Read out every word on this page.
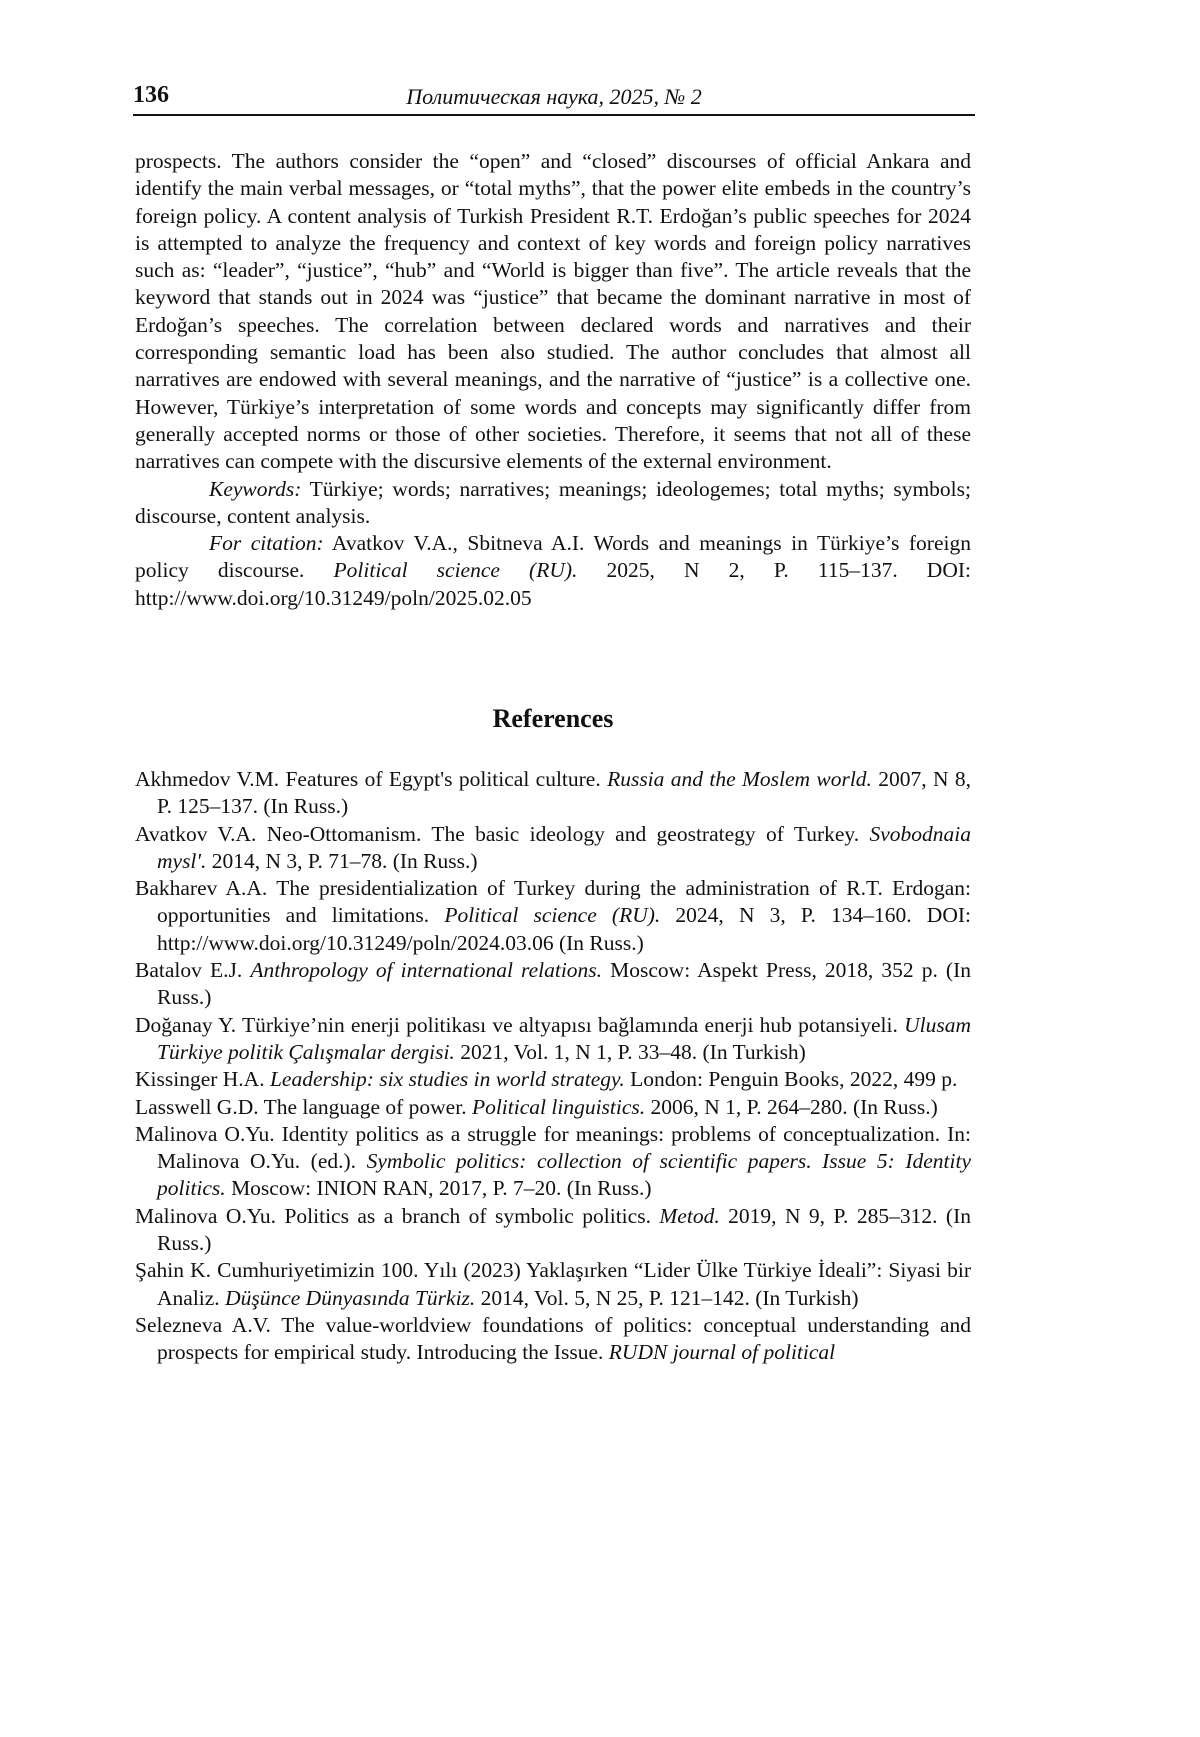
136	Политическая наука, 2025, № 2

prospects. The authors consider the “open” and “closed” discourses of official Ankara and identify the main verbal messages, or “total myths”, that the power elite embeds in the country’s foreign policy. A content analysis of Turkish President R.T. Erdoğan’s public speeches for 2024 is attempted to analyze the frequency and context of key words and foreign policy narratives such as: “leader”, “justice”, “hub” and “World is bigger than five”. The article reveals that the keyword that stands out in 2024 was “justice” that became the dominant narrative in most of Erdoğan’s speeches. The correlation between declared words and narratives and their corresponding semantic load has been also studied. The author concludes that almost all narratives are endowed with several meanings, and the narrative of “justice” is a collective one. However, Türkiye’s interpretation of some words and concepts may significantly differ from generally accepted norms or those of other societies. Therefore, it seems that not all of these narratives can compete with the discursive elements of the external environment.

Keywords: Türkiye; words; narratives; meanings; ideologemes; total myths; symbols; discourse, content analysis.

For citation: Avatkov V.A., Sbitneva A.I. Words and meanings in Türkiye’s foreign policy discourse. Political science (RU). 2025, N 2, P. 115–137. DOI: http://www.doi.org/10.31249/poln/2025.02.05

References

Akhmedov V.M. Features of Egypt's political culture. Russia and the Moslem world. 2007, N 8, P. 125–137. (In Russ.)

Avatkov V.A. Neo-Ottomanism. The basic ideology and geostrategy of Turkey. Svobodnaia mysl'. 2014, N 3, P. 71–78. (In Russ.)

Bakharev A.A. The presidentialization of Turkey during the administration of R.T. Erdogan: opportunities and limitations. Political science (RU). 2024, N 3, P. 134–160. DOI: http://www.doi.org/10.31249/poln/2024.03.06 (In Russ.)

Batalov E.J. Anthropology of international relations. Moscow: Aspekt Press, 2018, 352 p. (In Russ.)

Doğanay Y. Türkiye’nin enerji politikası ve altyapısı bağlamında enerji hub potansiyeli. Ulusam Türkiye politik Çalışmalar dergisi. 2021, Vol. 1, N 1, P. 33–48. (In Turkish)

Kissinger H.A. Leadership: six studies in world strategy. London: Penguin Books, 2022, 499 p.

Lasswell G.D. The language of power. Political linguistics. 2006, N 1, P. 264–280. (In Russ.)

Malinova O.Yu. Identity politics as a struggle for meanings: problems of conceptualization. In: Malinova O.Yu. (ed.). Symbolic politics: collection of scientific papers. Issue 5: Identity politics. Moscow: INION RAN, 2017, P. 7–20. (In Russ.)

Malinova O.Yu. Politics as a branch of symbolic politics. Metod. 2019, N 9, P. 285–312. (In Russ.)

Şahin K. Cumhuriyetimizin 100. Yılı (2023) Yaklaşırken “Lider Ülke Türkiye İdeali”: Siyasi bir Analiz. Düşünce Dünyasında Türkiz. 2014, Vol. 5, N 25, P. 121–142. (In Turkish)

Selezneva A.V. The value-worldview foundations of politics: conceptual understanding and prospects for empirical study. Introducing the Issue. RUDN journal of political
